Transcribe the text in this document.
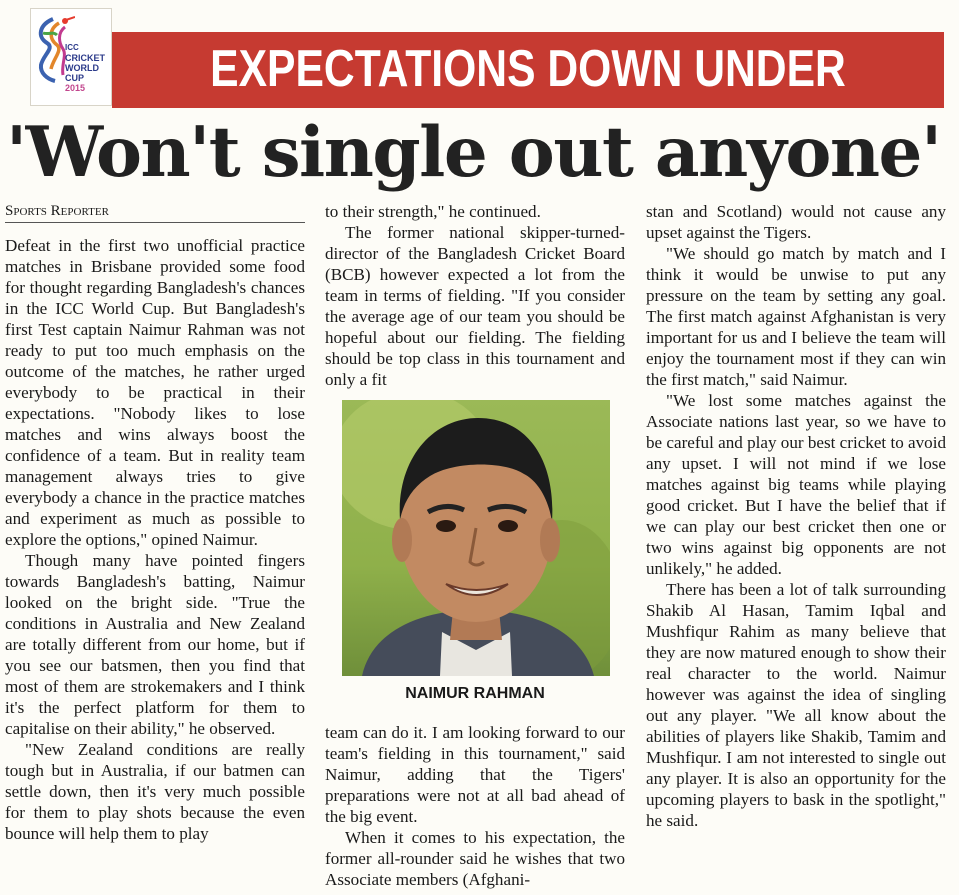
ICC
CRICKET
WORLD
CUP
2015	EXPECTATIONS DOWN UNDER
'Won't single out anyone'
Sports Reporter

Defeat in the first two unofficial practice matches in Brisbane provided some food for thought regarding Bangladesh's chances in the ICC World Cup. But Bangladesh's first Test captain Naimur Rahman was not ready to put too much emphasis on the outcome of the matches, he rather urged everybody to be practical in their expectations. "Nobody likes to lose matches and wins always boost the confidence of a team. But in reality team management always tries to give everybody a chance in the practice matches and experiment as much as possible to explore the options," opined Naimur.

Though many have pointed fingers towards Bangladesh's batting, Naimur looked on the bright side. "True the conditions in Australia and New Zealand are totally different from our home, but if you see our batsmen, then you find that most of them are strokemakers and I think it's the perfect platform for them to capitalise on their ability," he observed.

"New Zealand conditions are really tough but in Australia, if our batmen can settle down, then it's very much possible for them to play shots because the even bounce will help them to play

to their strength," he continued.

The former national skipper-turned-director of the Bangladesh Cricket Board (BCB) however expected a lot from the team in terms of fielding. "If you consider the average age of our team you should be hopeful about our fielding. The fielding should be top class in this tournament and only a fit

NAIMUR RAHMAN

team can do it. I am looking forward to our team's fielding in this tournament," said Naimur, adding that the Tigers' preparations were not at all bad ahead of the big event.

When it comes to his expectation, the former all-rounder said he wishes that two Associate members (Afghani-

stan and Scotland) would not cause any upset against the Tigers.

"We should go match by match and I think it would be unwise to put any pressure on the team by setting any goal. The first match against Afghanistan is very important for us and I believe the team will enjoy the tournament most if they can win the first match," said Naimur.

"We lost some matches against the Associate nations last year, so we have to be careful and play our best cricket to avoid any upset. I will not mind if we lose matches against big teams while playing good cricket. But I have the belief that if we can play our best cricket then one or two wins against big opponents are not unlikely," he added.

There has been a lot of talk surrounding Shakib Al Hasan, Tamim Iqbal and Mushfiqur Rahim as many believe that they are now matured enough to show their real character to the world. Naimur however was against the idea of singling out any player. "We all know about the abilities of players like Shakib, Tamim and Mushfiqur. I am not interested to single out any player. It is also an opportunity for the upcoming players to bask in the spotlight," he said.
